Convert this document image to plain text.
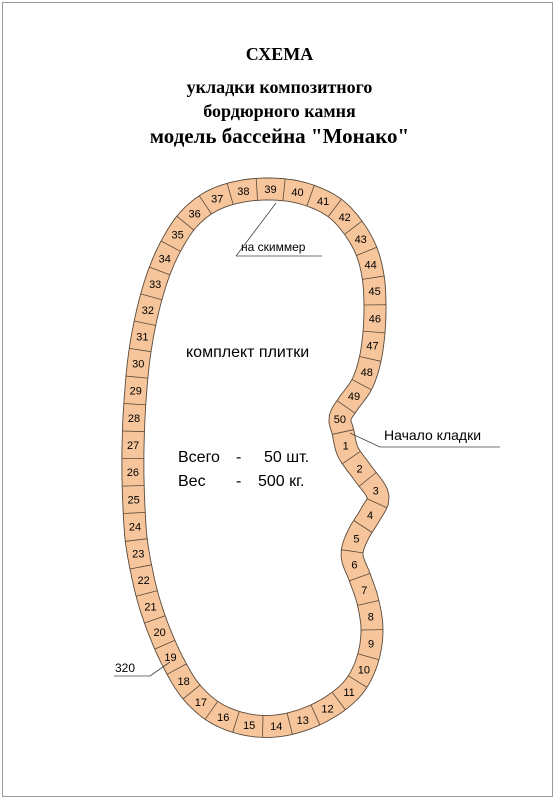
СХЕМА
укладки композитного
бордюрного камня
модель бассейна "Монако"
1
2
3
4
5
6
7
8
9
10
11
12
13
14
15
16
17
18
19
20
21
22
23
24
25
26
27
28
29
30
31
32
33
34
35
36
37
38 39 40
41
42
43
44
45
46
47
48
49
50
на скиммер
Начало кладки
320
комплект плитки
Всего - 50 шт.
Вес - 500 кг.
